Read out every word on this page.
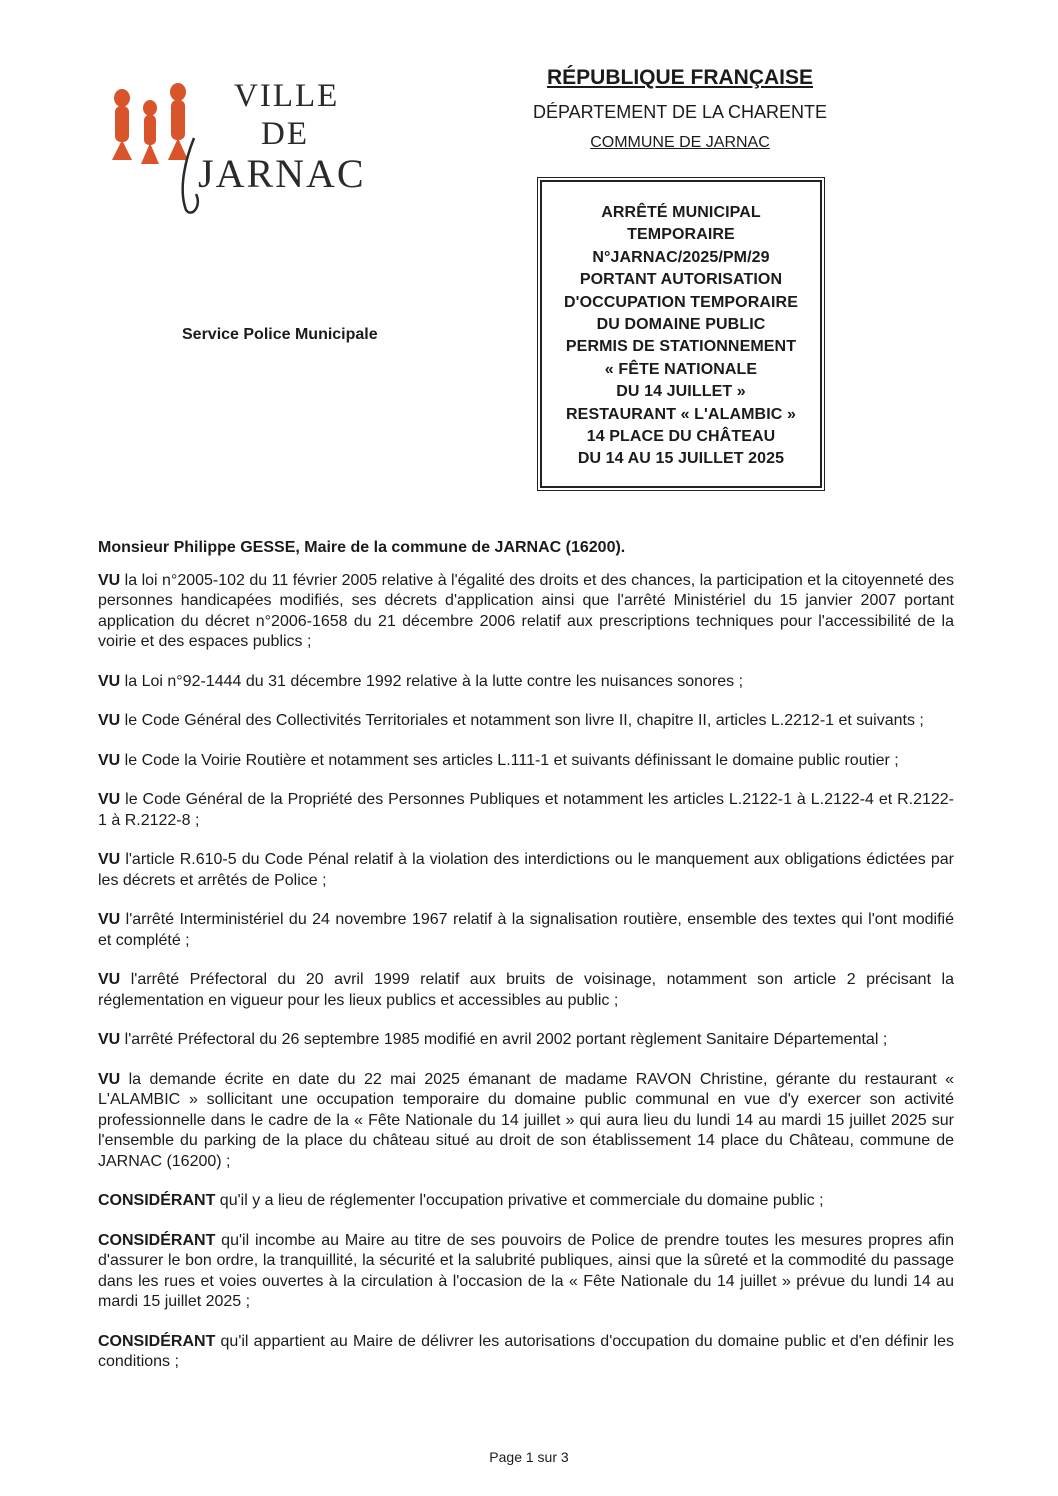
VILLE
DE
JARNAC
RÉPUBLIQUE FRANÇAISE
DÉPARTEMENT DE LA CHARENTE
COMMUNE DE JARNAC
ARRÊTÉ MUNICIPAL
TEMPORAIRE
N°JARNAC/2025/PM/29
PORTANT AUTORISATION
D'OCCUPATION TEMPORAIRE
DU DOMAINE PUBLIC
PERMIS DE STATIONNEMENT
« FÊTE NATIONALE
DU 14 JUILLET »
RESTAURANT « L'ALAMBIC »
14 PLACE DU CHÂTEAU
DU 14 AU 15 JUILLET 2025
Service Police Municipale

Monsieur Philippe GESSE, Maire de la commune de JARNAC (16200).

VU la loi n°2005-102 du 11 février 2005 relative à l'égalité des droits et des chances, la participation et la citoyenneté des personnes handicapées modifiés, ses décrets d'application ainsi que l'arrêté Ministériel du 15 janvier 2007 portant application du décret n°2006-1658 du 21 décembre 2006 relatif aux prescriptions techniques pour l'accessibilité de la voirie et des espaces publics ;

VU la Loi n°92-1444 du 31 décembre 1992 relative à la lutte contre les nuisances sonores ;

VU le Code Général des Collectivités Territoriales et notamment son livre II, chapitre II, articles L.2212-1 et suivants ;

VU le Code la Voirie Routière et notamment ses articles L.111-1 et suivants définissant le domaine public routier ;

VU le Code Général de la Propriété des Personnes Publiques et notamment les articles L.2122-1 à L.2122-4 et R.2122-1 à R.2122-8 ;

VU l'article R.610-5 du Code Pénal relatif à la violation des interdictions ou le manquement aux obligations édictées par les décrets et arrêtés de Police ;

VU l'arrêté Interministériel du 24 novembre 1967 relatif à la signalisation routière, ensemble des textes qui l'ont modifié et complété ;

VU l'arrêté Préfectoral du 20 avril 1999 relatif aux bruits de voisinage, notamment son article 2 précisant la réglementation en vigueur pour les lieux publics et accessibles au public ;

VU l'arrêté Préfectoral du 26 septembre 1985 modifié en avril 2002 portant règlement Sanitaire Départemental ;

VU la demande écrite en date du 22 mai 2025 émanant de madame RAVON Christine, gérante du restaurant « L'ALAMBIC » sollicitant une occupation temporaire du domaine public communal en vue d'y exercer son activité professionnelle dans le cadre de la « Fête Nationale du 14 juillet » qui aura lieu du lundi 14 au mardi 15 juillet 2025 sur l'ensemble du parking de la place du château situé au droit de son établissement 14 place du Château, commune de JARNAC (16200) ;

CONSIDÉRANT qu'il y a lieu de réglementer l'occupation privative et commerciale du domaine public ;

CONSIDÉRANT qu'il incombe au Maire au titre de ses pouvoirs de Police de prendre toutes les mesures propres afin d'assurer le bon ordre, la tranquillité, la sécurité et la salubrité publiques, ainsi que la sûreté et la commodité du passage dans les rues et voies ouvertes à la circulation à l'occasion de la « Fête Nationale du 14 juillet » prévue du lundi 14 au mardi 15 juillet 2025 ;

CONSIDÉRANT qu'il appartient au Maire de délivrer les autorisations d'occupation du domaine public et d'en définir les conditions ;

Page 1 sur 3
